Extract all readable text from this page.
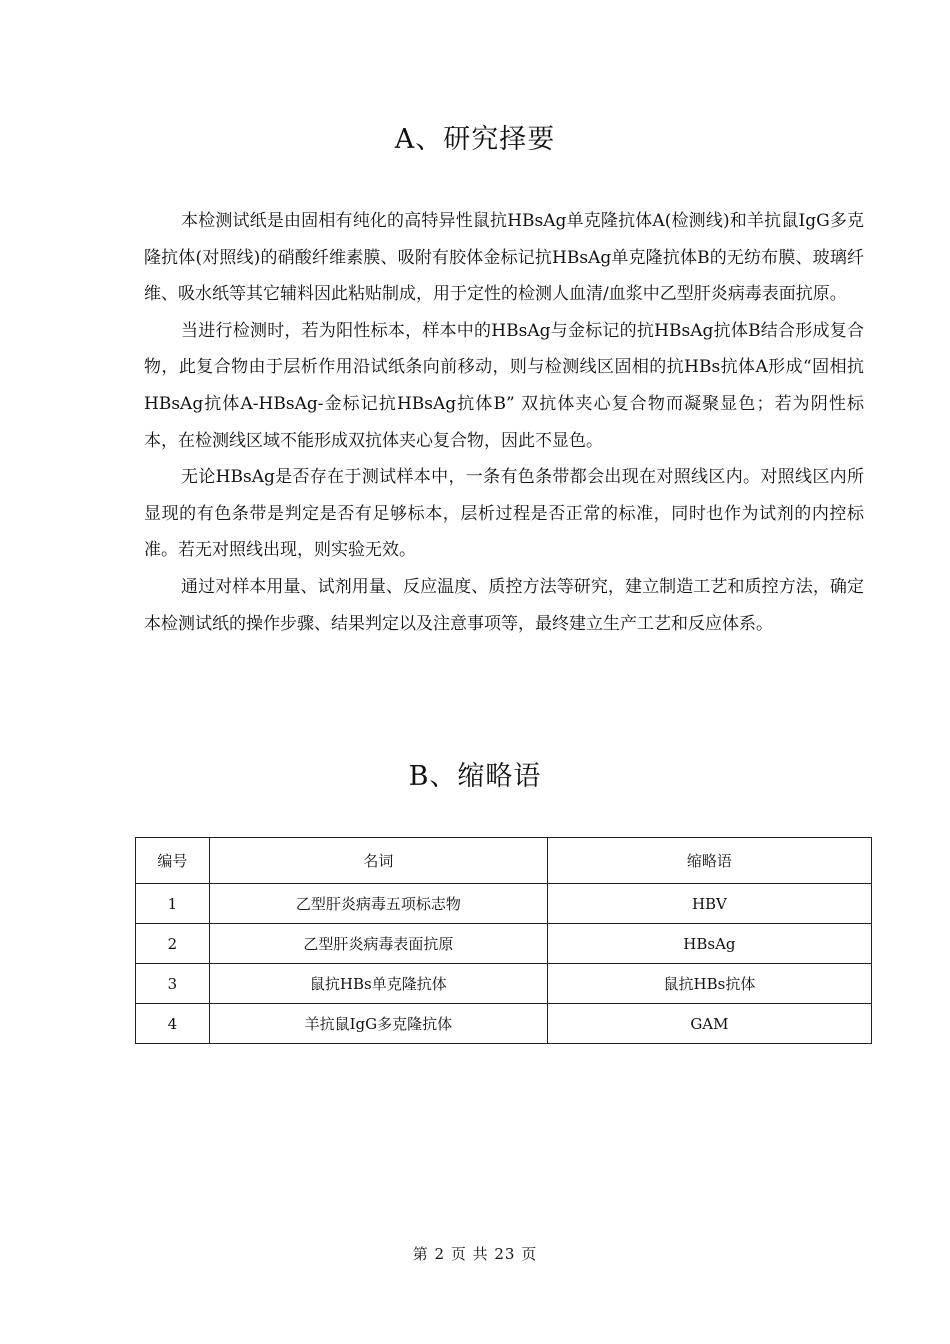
A、研究择要

本检测试纸是由固相有纯化的高特异性鼠抗HBsAg单克隆抗体A(检测线)和羊抗鼠IgG多克隆抗体(对照线)的硝酸纤维素膜、吸附有胶体金标记抗HBsAg单克隆抗体B的无纺布膜、玻璃纤维、吸水纸等其它辅料因此粘贴制成，用于定性的检测人血清/血浆中乙型肝炎病毒表面抗原。

当进行检测时，若为阳性标本，样本中的HBsAg与金标记的抗HBsAg抗体B结合形成复合物，此复合物由于层析作用沿试纸条向前移动，则与检测线区固相的抗HBs抗体A形成“固相抗HBsAg抗体A-HBsAg-金标记抗HBsAg抗体B” 双抗体夹心复合物而凝聚显色；若为阴性标本，在检测线区域不能形成双抗体夹心复合物，因此不显色。

无论HBsAg是否存在于测试样本中，一条有色条带都会出现在对照线区内。对照线区内所显现的有色条带是判定是否有足够标本，层析过程是否正常的标准，同时也作为试剂的内控标准。若无对照线出现，则实验无效。

通过对样本用量、试剂用量、反应温度、质控方法等研究，建立制造工艺和质控方法，确定本检测试纸的操作步骤、结果判定以及注意事项等，最终建立生产工艺和反应体系。

B、缩略语
编号	名词	缩略语
1	乙型肝炎病毒五项标志物	HBV
2	乙型肝炎病毒表面抗原	HBsAg
3	鼠抗HBs单克隆抗体	鼠抗HBs抗体
4	羊抗鼠IgG多克隆抗体	GAM
第 2 页 共 23 页
